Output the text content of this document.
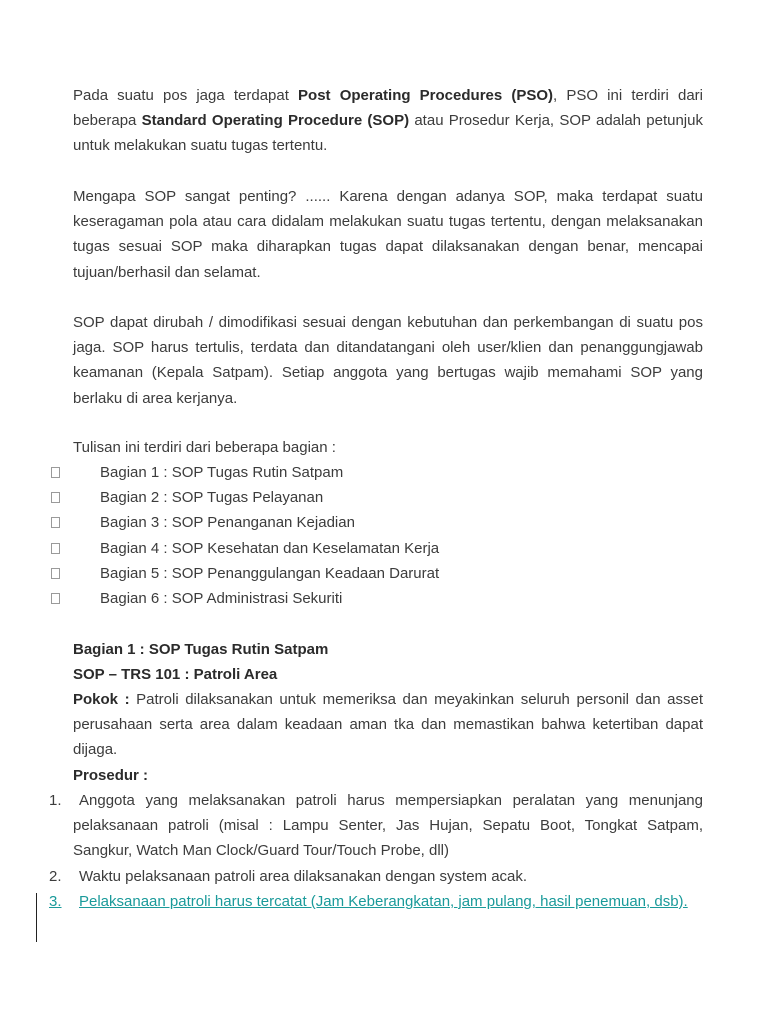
Pada suatu pos jaga terdapat Post Operating Procedures (PSO), PSO ini terdiri dari beberapa Standard Operating Procedure (SOP) atau Prosedur Kerja, SOP adalah petunjuk untuk melakukan suatu tugas tertentu.

Mengapa SOP sangat penting? ...... Karena dengan adanya SOP, maka terdapat suatu keseragaman pola atau cara didalam melakukan suatu tugas tertentu, dengan melaksanakan tugas sesuai SOP maka diharapkan tugas dapat dilaksanakan dengan benar, mencapai tujuan/berhasil dan selamat.

SOP dapat dirubah / dimodifikasi sesuai dengan kebutuhan dan perkembangan di suatu pos jaga. SOP harus tertulis, terdata dan ditandatangani oleh user/klien dan penanggungjawab keamanan (Kepala Satpam). Setiap anggota yang bertugas wajib memahami SOP yang berlaku di area kerjanya.

Tulisan ini terdiri dari beberapa bagian :

Bagian 1 : SOP Tugas Rutin Satpam
Bagian 2 : SOP Tugas Pelayanan
Bagian 3 : SOP Penanganan Kejadian
Bagian 4 : SOP Kesehatan dan Keselamatan Kerja
Bagian 5 : SOP Penanggulangan Keadaan Darurat
Bagian 6 : SOP Administrasi Sekuriti

Bagian 1 : SOP Tugas Rutin Satpam

SOP – TRS 101 : Patroli Area

Pokok : Patroli dilaksanakan untuk memeriksa dan meyakinkan seluruh personil dan asset perusahaan serta area dalam keadaan aman tka dan memastikan bahwa ketertiban dapat dijaga.

Prosedur :

1.	Anggota yang melaksanakan patroli harus mempersiapkan peralatan yang menunjang pelaksanaan patroli (misal : Lampu Senter, Jas Hujan, Sepatu Boot, Tongkat Satpam, Sangkur, Watch Man Clock/Guard Tour/Touch Probe, dll)

2.	Waktu pelaksanaan patroli area dilaksanakan dengan system acak.

3.	Pelaksanaan patroli harus tercatat (Jam Keberangkatan, jam pulang, hasil penemuan, dsb).
